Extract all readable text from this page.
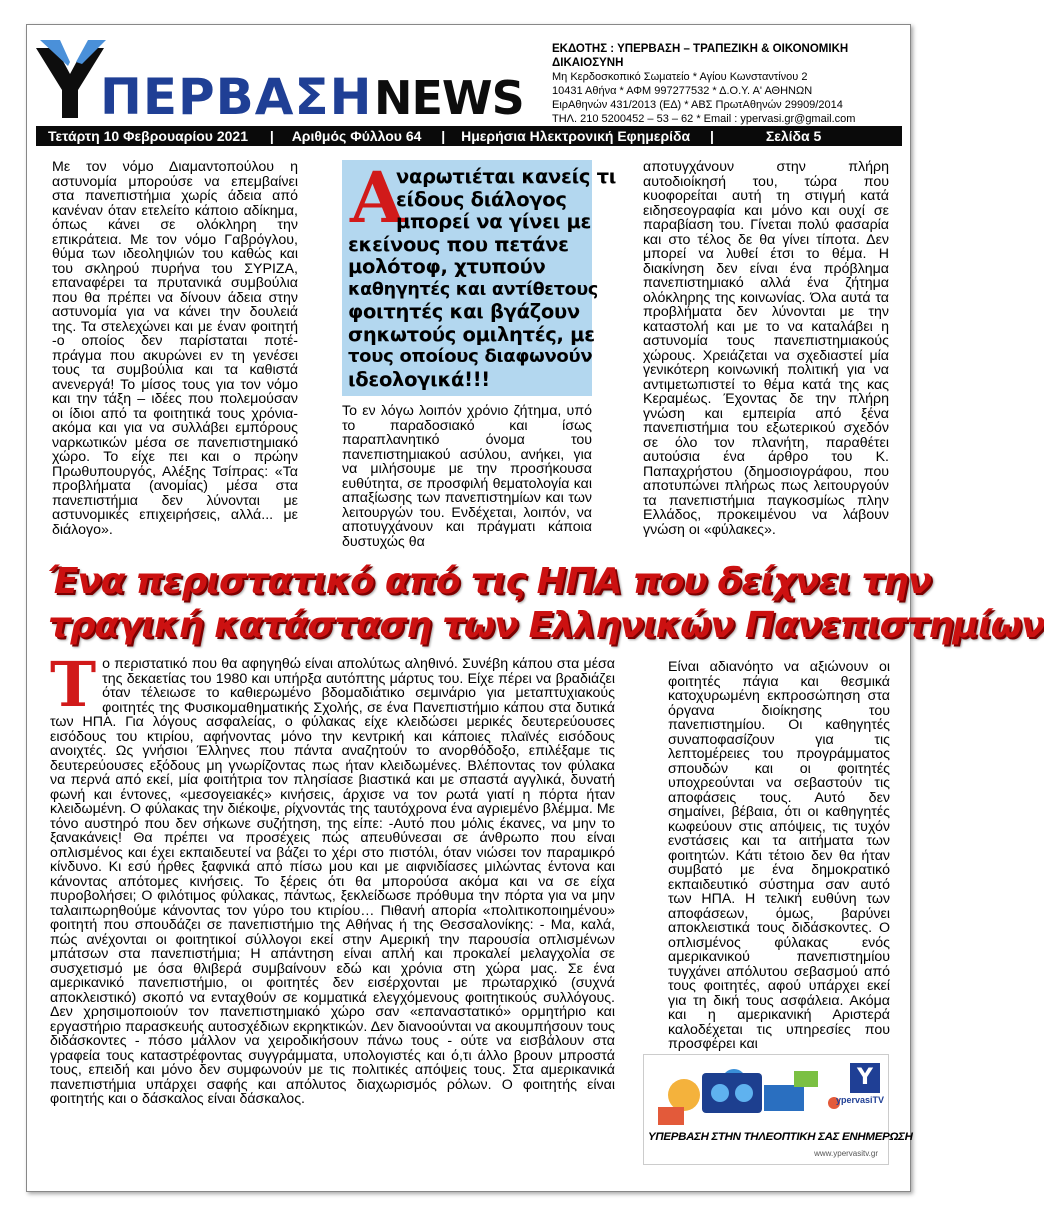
ΠΕΡΒΑΣΗ NEWS
ΕΚΔΟΤΗΣ : ΥΠΕΡΒΑΣΗ – ΤΡΑΠΕΖΙΚΗ & ΟΙΚΟΝΟΜΙΚΗ ΔΙΚΑΙΟΣΥΝΗ
Μη Κερδοσκοπικό Σωματείο * Αγίου Κωνσταντίνου 2
10431 Αθήνα * ΑΦΜ 997277532 * Δ.Ο.Υ. Α' ΑΘΗΝΩΝ
ΕιρΑθηνών 431/2013 (ΕΔ) * ΑΒΣ ΠρωτΑθηνών 29909/2014
ΤΗΛ. 210 5200452 – 53 – 62 * Email : ypervasi.gr@gmail.com
Τετάρτη 10 Φεβρουαρίου 2021 | Αριθμός Φύλλου 64 | Ημερήσια Ηλεκτρονική Εφημερίδα |	Σελίδα 5
Με τον νόμο Διαμαντοπούλου η αστυνομία μπορούσε να επεμβαίνει στα πανεπιστήμια χωρίς άδεια από κανέναν όταν ετελείτο κάποιο αδίκημα, όπως κάνει σε ολόκληρη την επικράτεια. Με τον νόμο Γαβρόγλου, θύμα των ιδεοληψιών του καθώς και του σκληρού πυρήνα του ΣΥΡΙΖΑ, επαναφέρει τα πρυτανικά συμβούλια που θα πρέπει να δίνουν άδεια στην αστυνομία για να κάνει την δουλειά της. Τα στελεχώνει και με έναν φοιτητή -ο οποίος δεν παρίσταται ποτέ- πράγμα που ακυρώνει εν τη γενέσει τους τα συμβούλια και τα καθιστά ανενεργά! Το μίσος τους για τον νόμο και την τάξη – ιδέες που πολεμούσαν οι ίδιοι από τα φοιτητικά τους χρόνια- ακόμα και για να συλλάβει εμπόρους ναρκωτικών μέσα σε πανεπιστημιακό χώρο. Το είχε πει και ο πρώην Πρωθυπουργός, Αλέξης Τσίπρας: «Τα προβλήματα (ανομίας) μέσα στα πανεπιστήμια δεν λύνονται με αστυνομικές επιχειρήσεις, αλλά... με διάλογο».
Α
ναρωτιέται κανείς τι
είδους διάλογος
μπορεί να γίνει με
εκείνους που πετάνε
μολότοφ, χτυπούν
καθηγητές και αντίθετους
φοιτητές και βγάζουν
σηκωτούς ομιλητές, με
τους οποίους διαφωνούν
ιδεολογικά!!!
Το εν λόγω λοιπόν χρόνιο ζήτημα, υπό το παραδοσιακό και ίσως παραπλανητικό όνομα του πανεπιστημιακού ασύλου, ανήκει, για να μιλήσουμε με την προσήκουσα ευθύτητα, σε προσφιλή θεματολογία και απαξίωσης των πανεπιστημίων και των λειτουργών του. Ενδέχεται, λοιπόν, να αποτυγχάνουν και πράγματι κάποια δυστυχώς θα
αποτυγχάνουν στην πλήρη αυτοδιοίκησή του, τώρα που κυοφορείται αυτή τη στιγμή κατά ειδησεογραφία και μόνο και ουχί σε παραβίαση του. Γίνεται πολύ φασαρία και στο τέλος δε θα γίνει τίποτα. Δεν μπορεί να λυθεί έτσι το θέμα. Η διακίνηση δεν είναι ένα πρόβλημα πανεπιστημιακό αλλά ένα ζήτημα ολόκληρης της κοινωνίας. Όλα αυτά τα προβλήματα δεν λύνονται με την καταστολή και με το να καταλάβει η αστυνομία τους πανεπιστημιακούς χώρους. Χρειάζεται να σχεδιαστεί μία γενικότερη κοινωνική πολιτική για να αντιμετωπιστεί το θέμα κατά της κας Κεραμέως. Έχοντας δε την πλήρη γνώση και εμπειρία από ξένα πανεπιστήμια του εξωτερικού σχεδόν σε όλο τον πλανήτη, παραθέτει αυτούσια ένα άρθρο του Κ. Παπαχρήστου (δημοσιογράφου, που αποτυπώνει πλήρως πως λειτουργούν τα πανεπιστήμια παγκοσμίως πλην Ελλάδος, προκειμένου να λάβουν γνώση οι «φύλακες».
Ένα περιστατικό από τις ΗΠΑ που δείχνει την
τραγική κατάσταση των Ελληνικών Πανεπιστημίων
Το περιστατικό που θα αφηγηθώ είναι απολύτως αληθινό. Συνέβη κάπου στα μέσα της δεκαετίας του 1980 και υπήρξα αυτόπτης μάρτυς του. Είχε πέρει να βραδιάζει όταν τέλειωσε το καθιερωμένο βδομαδιάτικο σεμινάριο για μεταπτυχιακούς φοιτητές της Φυσικομαθηματικής Σχολής, σε ένα Πανεπιστήμιο κάπου στα δυτικά των ΗΠΑ. Για λόγους ασφαλείας, ο φύλακας είχε κλειδώσει μερικές δευτερεύουσες εισόδους του κτιρίου, αφήνοντας μόνο την κεντρική και κάποιες πλαϊνές εισόδους ανοιχτές. Ως γνήσιοι Έλληνες που πάντα αναζητούν το ανορθόδοξο, επιλέξαμε τις δευτερεύουσες εξόδους μη γνωρίζοντας πως ήταν κλειδωμένες. Βλέποντας τον φύλακα να περνά από εκεί, μία φοιτήτρια τον πλησίασε βιαστικά και με σπαστά αγγλικά, δυνατή φωνή και έντονες, «μεσογειακές» κινήσεις, άρχισε να τον ρωτά γιατί η πόρτα ήταν κλειδωμένη. Ο φύλακας την διέκοψε, ρίχνοντάς της ταυτόχρονα ένα αγριεμένο βλέμμα. Με τόνο αυστηρό που δεν σήκωνε συζήτηση, της είπε: -Αυτό που μόλις έκανες, να μην το ξανακάνεις! Θα πρέπει να προσέχεις πώς απευθύνεσαι σε άνθρωπο που είναι οπλισμένος και έχει εκπαιδευτεί να βάζει το χέρι στο πιστόλι, όταν νιώσει τον παραμικρό κίνδυνο. Κι εσύ ήρθες ξαφνικά από πίσω μου και με αιφνιδίασες μιλώντας έντονα και κάνοντας απότομες κινήσεις. Το ξέρεις ότι θα μπορούσα ακόμα και να σε είχα πυροβολήσει; Ο φιλότιμος φύλακας, πάντως, ξεκλείδωσε πρόθυμα την πόρτα για να μην ταλαιπωρηθούμε κάνοντας τον γύρο του κτιρίου… Πιθανή απορία «πολιτικοποιημένου» φοιτητή που σπουδάζει σε πανεπιστήμιο της Αθήνας ή της Θεσσαλονίκης: - Μα, καλά, πώς ανέχονται οι φοιτητικοί σύλλογοι εκεί στην Αμερική την παρουσία οπλισμένων μπάτσων στα πανεπιστήμια; Η απάντηση είναι απλή και προκαλεί μελαγχολία σε συσχετισμό με όσα θλιβερά συμβαίνουν εδώ και χρόνια στη χώρα μας. Σε ένα αμερικανικό πανεπιστήμιο, οι φοιτητές δεν εισέρχονται με πρωταρχικό (συχνά αποκλειστικό) σκοπό να ενταχθούν σε κομματικά ελεγχόμενους φοιτητικούς συλλόγους. Δεν χρησιμοποιούν τον πανεπιστημιακό χώρο σαν «επαναστατικό» ορμητήριο και εργαστήριο παρασκευής αυτοσχέδιων εκρηκτικών. Δεν διανοούνται να ακουμπήσουν τους διδάσκοντες - πόσο μάλλον να χειροδικήσουν πάνω τους - ούτε να εισβάλουν στα γραφεία τους καταστρέφοντας συγγράμματα, υπολογιστές και ό,τι άλλο βρουν μπροστά τους, επειδή και μόνο δεν συμφωνούν με τις πολιτικές απόψεις τους. Στα αμερικανικά πανεπιστήμια υπάρχει σαφής και απόλυτος διαχωρισμός ρόλων. Ο φοιτητής είναι φοιτητής και ο δάσκαλος είναι δάσκαλος.
Είναι αδιανόητο να αξιώνουν οι φοιτητές πάγια και θεσμικά κατοχυρωμένη εκπροσώπηση στα όργανα διοίκησης του πανεπιστημίου. Οι καθηγητές συναποφασίζουν για τις λεπτομέρειες του προγράμματος σπουδών και οι φοιτητές υποχρεούνται να σεβαστούν τις αποφάσεις τους. Αυτό δεν σημαίνει, βέβαια, ότι οι καθηγητές κωφεύουν στις απόψεις, τις τυχόν ενστάσεις και τα αιτήματα των φοιτητών. Κάτι τέτοιο δεν θα ήταν συμβατό με ένα δημοκρατικό εκπαιδευτικό σύστημα σαν αυτό των ΗΠΑ. Η τελική ευθύνη των αποφάσεων, όμως, βαρύνει αποκλειστικά τους διδάσκοντες. Ο οπλισμένος φύλακας ενός αμερικανικού πανεπιστημίου τυγχάνει απόλυτου σεβασμού από τους φοιτητές, αφού υπάρχει εκεί για τη δική τους ασφάλεια. Ακόμα και η αμερικανική Αριστερά καλοδέχεται τις υπηρεσίες που προσφέρει και
Y
ypervasiTV
ΥΠΕΡΒΑΣΗ ΣΤΗΝ ΤΗΛΕΟΠΤΙΚΗ ΣΑΣ ΕΝΗΜΕΡΩΣΗ
www.ypervasitv.gr
